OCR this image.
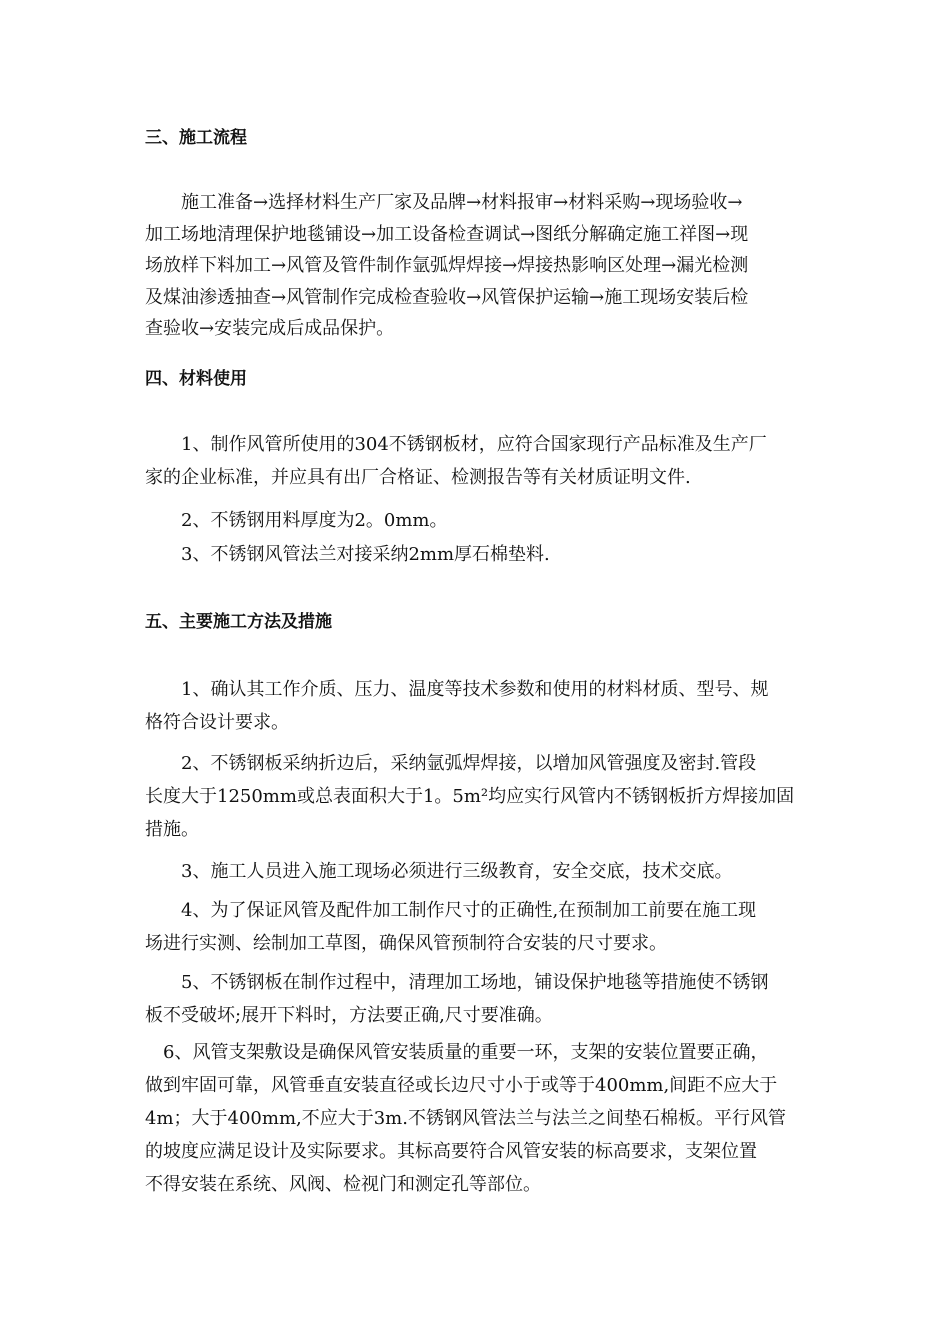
三、施工流程
　　施工准备→选择材料生产厂家及品牌→材料报审→材料采购→现场验收→
加工场地清理保护地毯铺设→加工设备检查调试→图纸分解确定施工祥图→现
场放样下料加工→风管及管件制作氩弧焊焊接→焊接热影响区处理→漏光检测
及煤油渗透抽查→风管制作完成检查验收→风管保护运输→施工现场安装后检
查验收→安装完成后成品保护。
四、材料使用
　　1、制作风管所使用的304不锈钢板材，应符合国家现行产品标准及生产厂
家的企业标准，并应具有出厂合格证、检测报告等有关材质证明文件.
　　2、不锈钢用料厚度为2。0mm。
　　3、不锈钢风管法兰对接采纳2mm厚石棉垫料.
五、主要施工方法及措施
　　1、确认其工作介质、压力、温度等技术参数和使用的材料材质、型号、规
格符合设计要求。
　　2、不锈钢板采纳折边后，采纳氩弧焊焊接，以增加风管强度及密封.管段
长度大于1250mm或总表面积大于1。5m²均应实行风管内不锈钢板折方焊接加固
措施。
　　3、施工人员进入施工现场必须进行三级教育，安全交底，技术交底。
　　4、为了保证风管及配件加工制作尺寸的正确性,在预制加工前要在施工现
场进行实测、绘制加工草图，确保风管预制符合安装的尺寸要求。
　　5、不锈钢板在制作过程中，清理加工场地，铺设保护地毯等措施使不锈钢
板不受破坏;展开下料时，方法要正确,尺寸要准确。
　6、风管支架敷设是确保风管安装质量的重要一环，支架的安装位置要正确，
做到牢固可靠，风管垂直安装直径或长边尺寸小于或等于400mm,间距不应大于
4m；大于400mm,不应大于3m.不锈钢风管法兰与法兰之间垫石棉板。平行风管
的坡度应满足设计及实际要求。其标高要符合风管安装的标高要求，支架位置
不得安装在系统、风阀、检视门和测定孔等部位。
